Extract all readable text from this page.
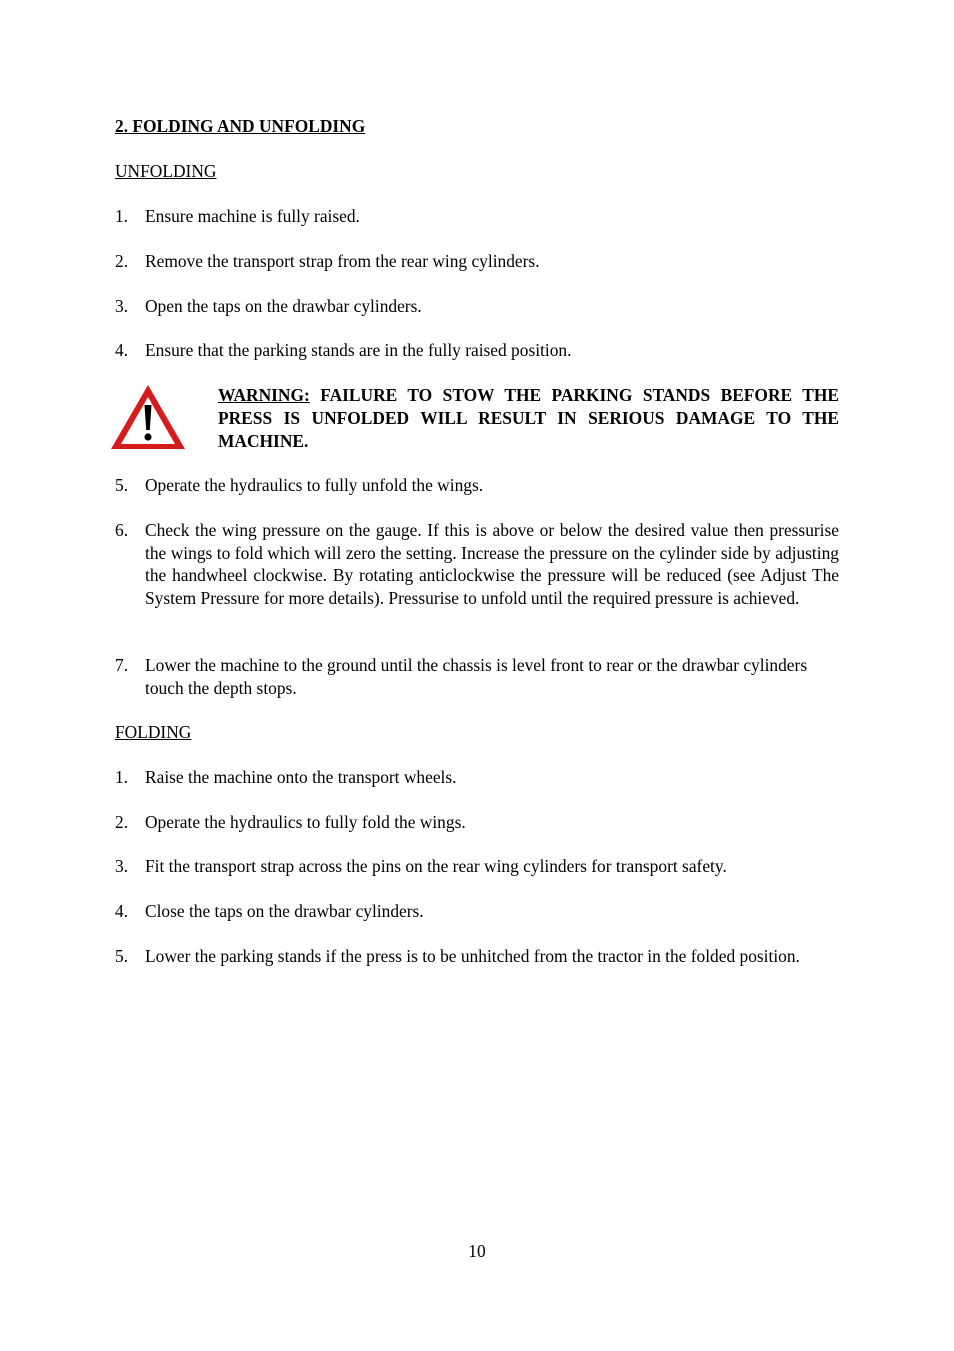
2. FOLDING AND UNFOLDING
UNFOLDING
1. Ensure machine is fully raised.
2. Remove the transport strap from the rear wing cylinders.
3. Open the taps on the drawbar cylinders.
4. Ensure that the parking stands are in the fully raised position.
WARNING: FAILURE TO STOW THE PARKING STANDS BEFORE THE PRESS IS UNFOLDED WILL RESULT IN SERIOUS DAMAGE TO THE MACHINE.
5. Operate the hydraulics to fully unfold the wings.
6. Check the wing pressure on the gauge. If this is above or below the desired value then pressurise the wings to fold which will zero the setting. Increase the pressure on the cylinder side by adjusting the handwheel clockwise. By rotating anticlockwise the pressure will be reduced (see Adjust The System Pressure for more details). Pressurise to unfold until the required pressure is achieved.
7. Lower the machine to the ground until the chassis is level front to rear or the drawbar cylinders touch the depth stops.
FOLDING
1. Raise the machine onto the transport wheels.
2. Operate the hydraulics to fully fold the wings.
3. Fit the transport strap across the pins on the rear wing cylinders for transport safety.
4. Close the taps on the drawbar cylinders.
5. Lower the parking stands if the press is to be unhitched from the tractor in the folded position.
10
